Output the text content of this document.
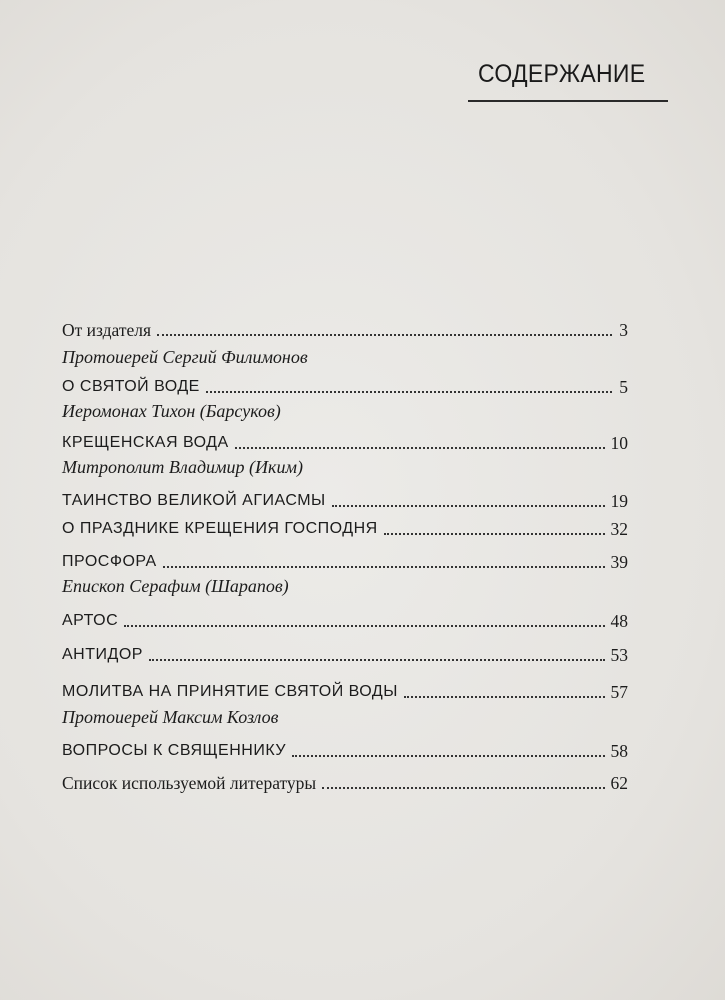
СОДЕРЖАНИЕ
От издателя	3
Протоиерей Сергий Филимонов
О СВЯТОЙ ВОДЕ	5
Иеромонах Тихон (Барсуков)
КРЕЩЕНСКАЯ ВОДА	10
Митрополит Владимир (Иким)
ТАИНСТВО ВЕЛИКОЙ АГИАСМЫ	19
О ПРАЗДНИКЕ КРЕЩЕНИЯ ГОСПОДНЯ	32
ПРОСФОРА	39
Епископ Серафим (Шарапов)
АРТОС	48
АНТИДОР	53
МОЛИТВА НА ПРИНЯТИЕ СВЯТОЙ ВОДЫ	57
Протоиерей Максим Козлов
ВОПРОСЫ К СВЯЩЕННИКУ	58
Список используемой литературы	62
